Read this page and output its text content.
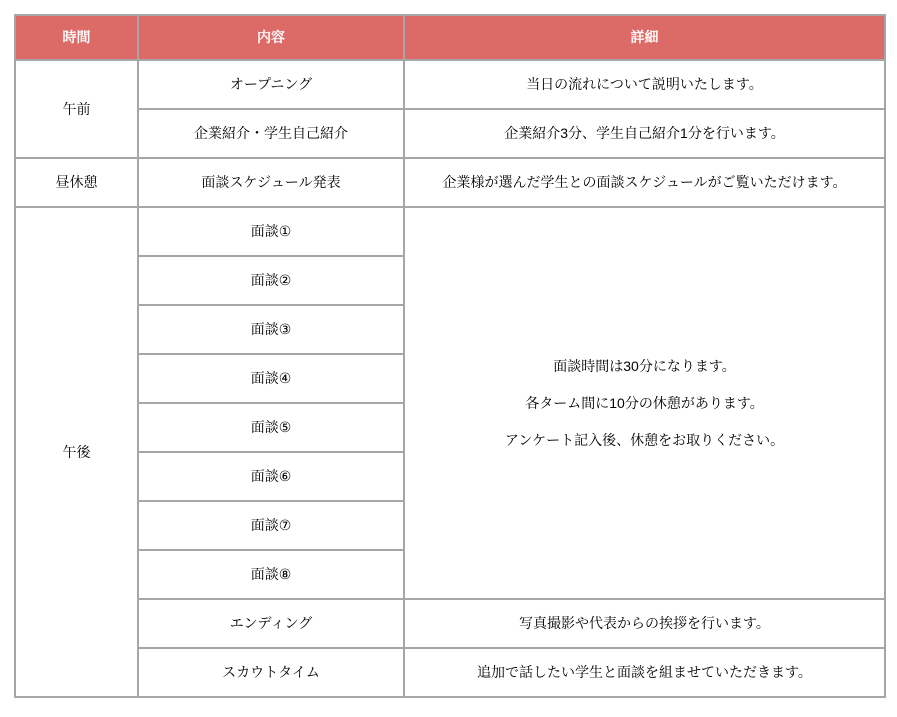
時間	内容	詳細
午前	オープニング	当日の流れについて説明いたします。
	企業紹介・学生自己紹介	企業紹介3分、学生自己紹介1分を行います。
昼休憩	面談スケジュール発表	企業様が選んだ学生との面談スケジュールがご覧いただけます。
午後	面談①	面談時間は30分になります。
各ターム間に10分の休憩があります。
アンケート記入後、休憩をお取りください。

	面談②	
	面談③	
	面談④	
	面談⑤	
	面談⑥	
	面談⑦	
	面談⑧	
	エンディング	写真撮影や代表からの挨拶を行います。
	スカウトタイム	追加で話したい学生と面談を組ませていただきます。
